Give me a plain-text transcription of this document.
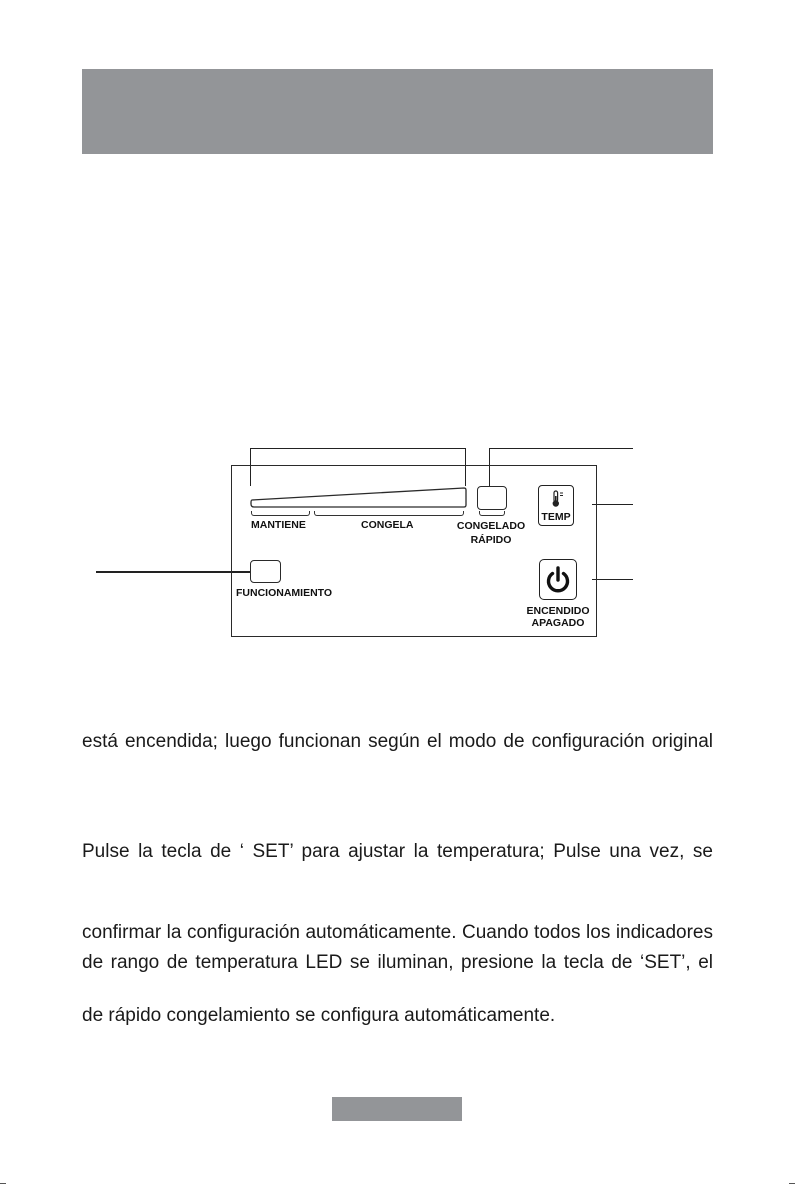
MANTIENE	CONGELA	CONGELADO
RÁPIDO
TEMP
ENCENDIDO
APAGADO
FUNCIONAMIENTO
está encendida; luego funcionan según el modo de configuración original
Pulse la tecla de ‘ SET’ para ajustar la temperatura; Pulse una vez, se
confirmar la configuración automáticamente. Cuando todos los indicadores
de rango de temperatura LED se iluminan, presione la tecla de ‘SET’, el
de rápido congelamiento se configura automáticamente.
